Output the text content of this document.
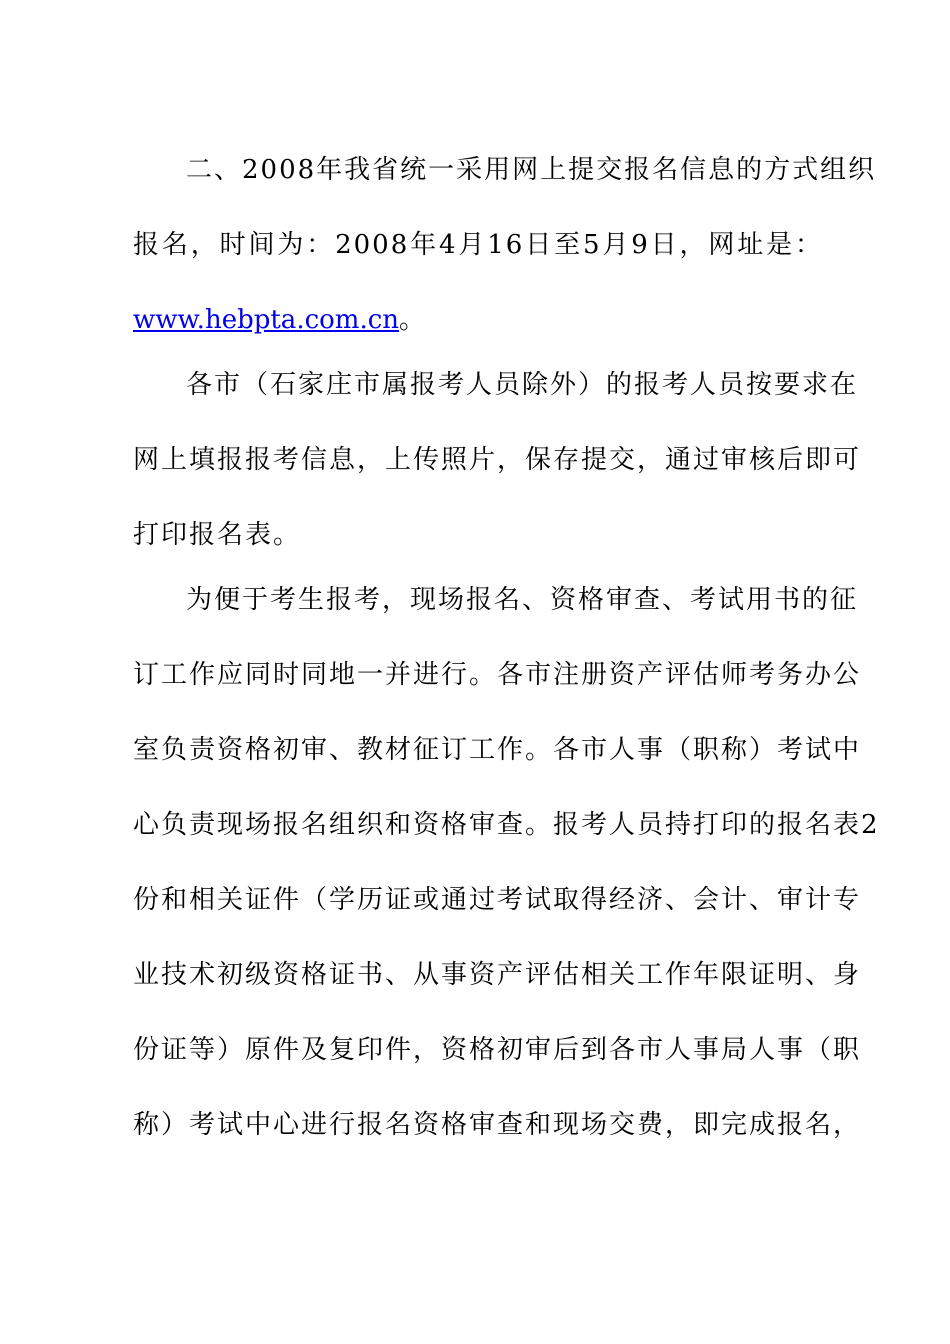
二、2008年我省统一采用网上提交报名信息的方式组织
报名，时间为：2008年4月16日至5月9日，网址是：
www.hebpta.com.cn。
各市（石家庄市属报考人员除外）的报考人员按要求在
网上填报报考信息，上传照片，保存提交，通过审核后即可
打印报名表。
为便于考生报考，现场报名、资格审查、考试用书的征
订工作应同时同地一并进行。各市注册资产评估师考务办公
室负责资格初审、教材征订工作。各市人事（职称）考试中
心负责现场报名组织和资格审查。报考人员持打印的报名表2
份和相关证件（学历证或通过考试取得经济、会计、审计专
业技术初级资格证书、从事资产评估相关工作年限证明、身
份证等）原件及复印件，资格初审后到各市人事局人事（职
称）考试中心进行报名资格审查和现场交费，即完成报名，
